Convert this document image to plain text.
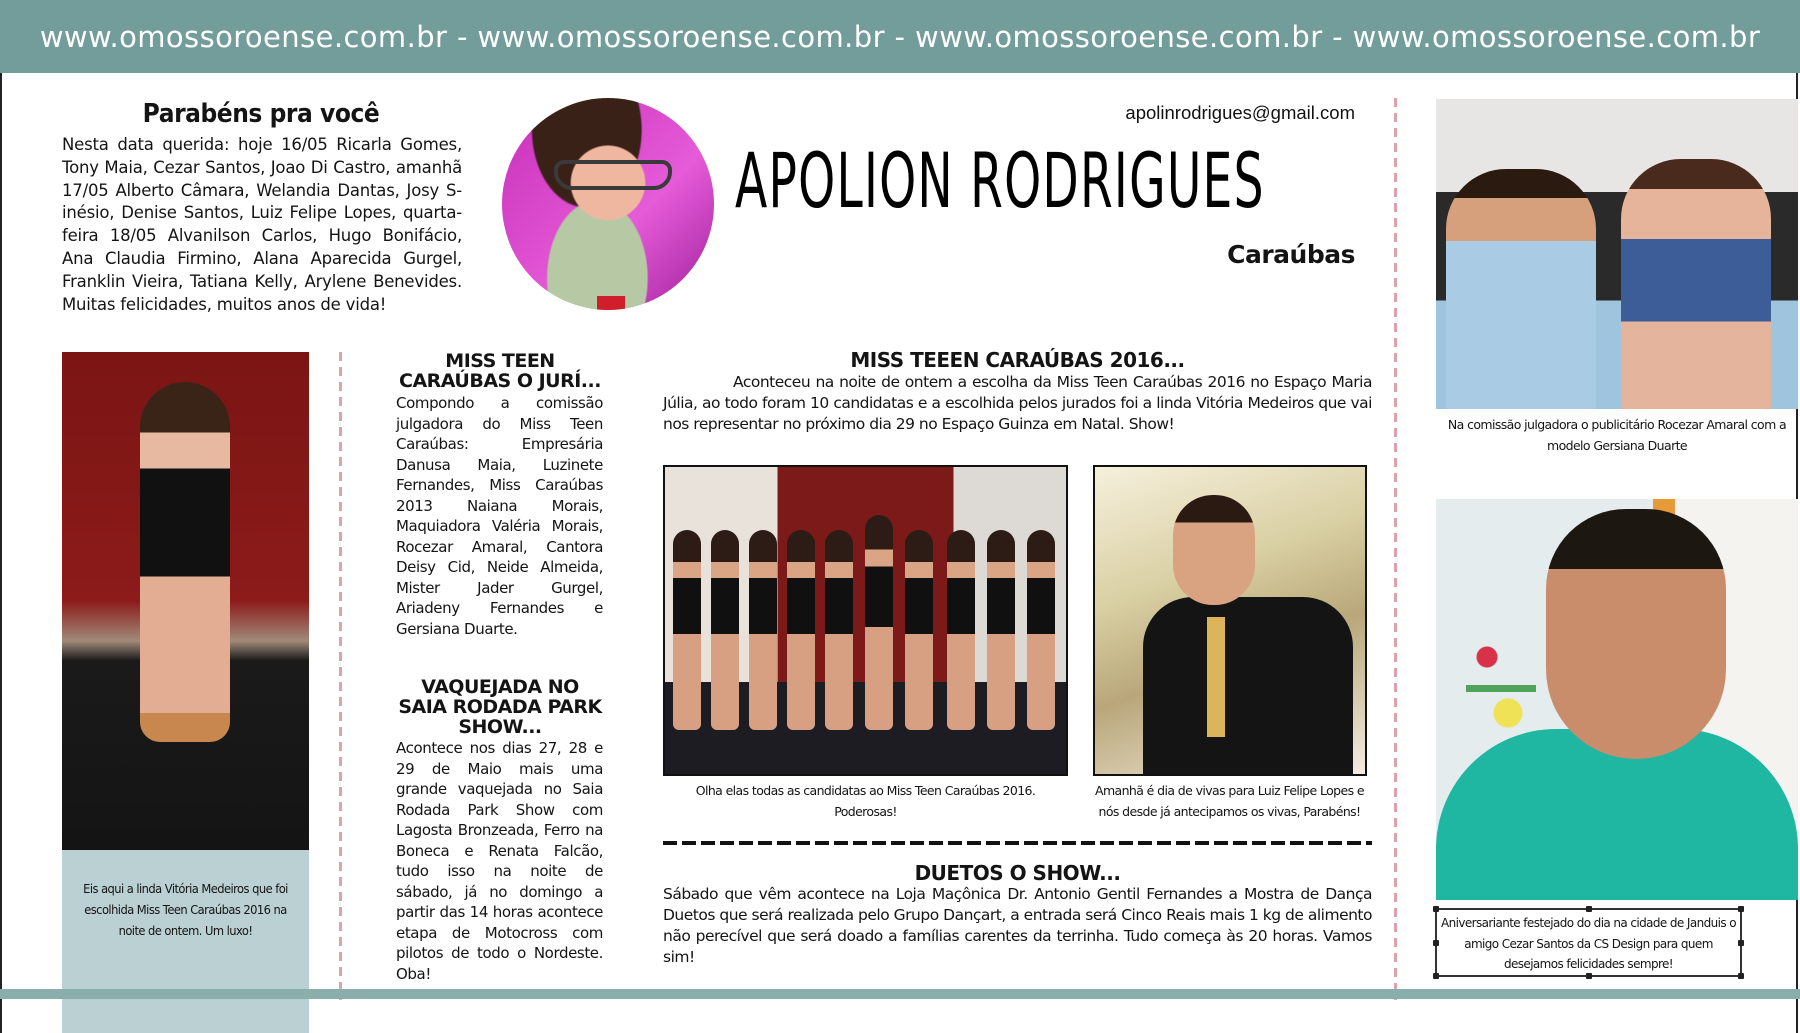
www.omossoroense.com.br - www.omossoroense.com.br - www.omossoroense.com.br - www.omossoroense.com.br
Parabéns pra você

Nesta data querida: hoje 16/05 Ricarla Gomes, Tony Maia, Cezar Santos, Joao Di Castro, amanhã 17/05 Alberto Câmara, Welandia Dantas, Josy S-inésio, Denise Santos, Luiz Felipe Lopes, quarta-feira 18/05 Alvanilson Carlos, Hugo Bonifácio, Ana Claudia Firmino, Alana Aparecida Gurgel, Franklin Vieira, Tatiana Kelly, Arylene Benevides. Muitas felicidades, muitos anos de vida!

apolinrodrigues@gmail.com
APOLION RODRIGUES
Caraúbas

Eis aqui a linda Vitória Medeiros que foi escolhida Miss Teen Caraúbas 2016 na noite de ontem. Um luxo!

MISS TEEN CARAÚBAS O JURÍ...

Compondo a comissão julgadora do Miss Teen Caraúbas: Empresária Danusa Maia, Luzinete Fernandes, Miss Caraúbas 2013 Naiana Morais, Maquiadora Valéria Morais, Rocezar Amaral, Cantora Deisy Cid, Neide Almeida, Mister Jader Gurgel, Ariadeny Fernandes e Gersiana Duarte.

VAQUEJADA NO SAIA RODADA PARK SHOW...

Acontece nos dias 27, 28 e 29 de Maio mais uma grande vaquejada no Saia Rodada Park Show com Lagosta Bronzeada, Ferro na Boneca e Renata Falcão, tudo isso na noite de sábado, já no domingo a partir das 14 horas acontece etapa de Motocross com pilotos de todo o Nordeste. Oba!

MISS TEEEN CARAÚBAS 2016...

Aconteceu na noite de ontem a escolha da Miss Teen Caraúbas 2016 no Espaço Maria Júlia, ao todo foram 10 candidatas e a escolhida pelos jurados foi a linda Vitória Medeiros que vai nos representar no próximo dia 29 no Espaço Guinza em Natal. Show!

Olha elas todas as candidatas ao Miss Teen Caraúbas 2016. Poderosas!
Amanhã é dia de vivas para Luiz Felipe Lopes e nós desde já antecipamos os vivas, Parabéns!
DUETOS O SHOW...

Sábado que vêm acontece na Loja Maçônica Dr. Antonio Gentil Fernandes a Mostra de Dança Duetos que será realizada pelo Grupo Dançart, a entrada será Cinco Reais mais 1 kg de alimento não perecível que será doado a famílias carentes da terrinha. Tudo começa às 20 horas. Vamos sim!

Na comissão julgadora o publicitário Rocezar Amaral com a modelo Gersiana Duarte

Aniversariante festejado do dia na cidade de Janduis o amigo Cezar Santos da CS Design para quem desejamos felicidades sempre!
